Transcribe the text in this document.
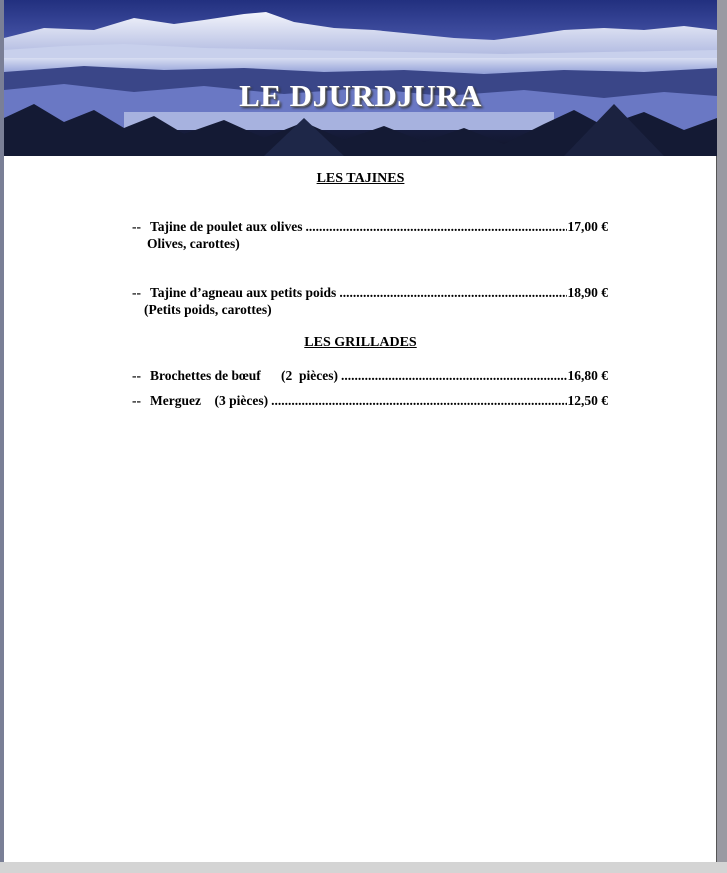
LE DJURDJURA
LES TAJINES
-- Tajine de poulet aux olives .....	17,00 €
Olives, carottes)
-- Tajine d’agneau aux petits poids .....	18,90 €
(Petits poids, carottes)
LES GRILLADES
-- Brochettes de bœuf      (2  pièces) .....	16,80 €
-- Merguez    (3 pièces) .....	12,50 €
